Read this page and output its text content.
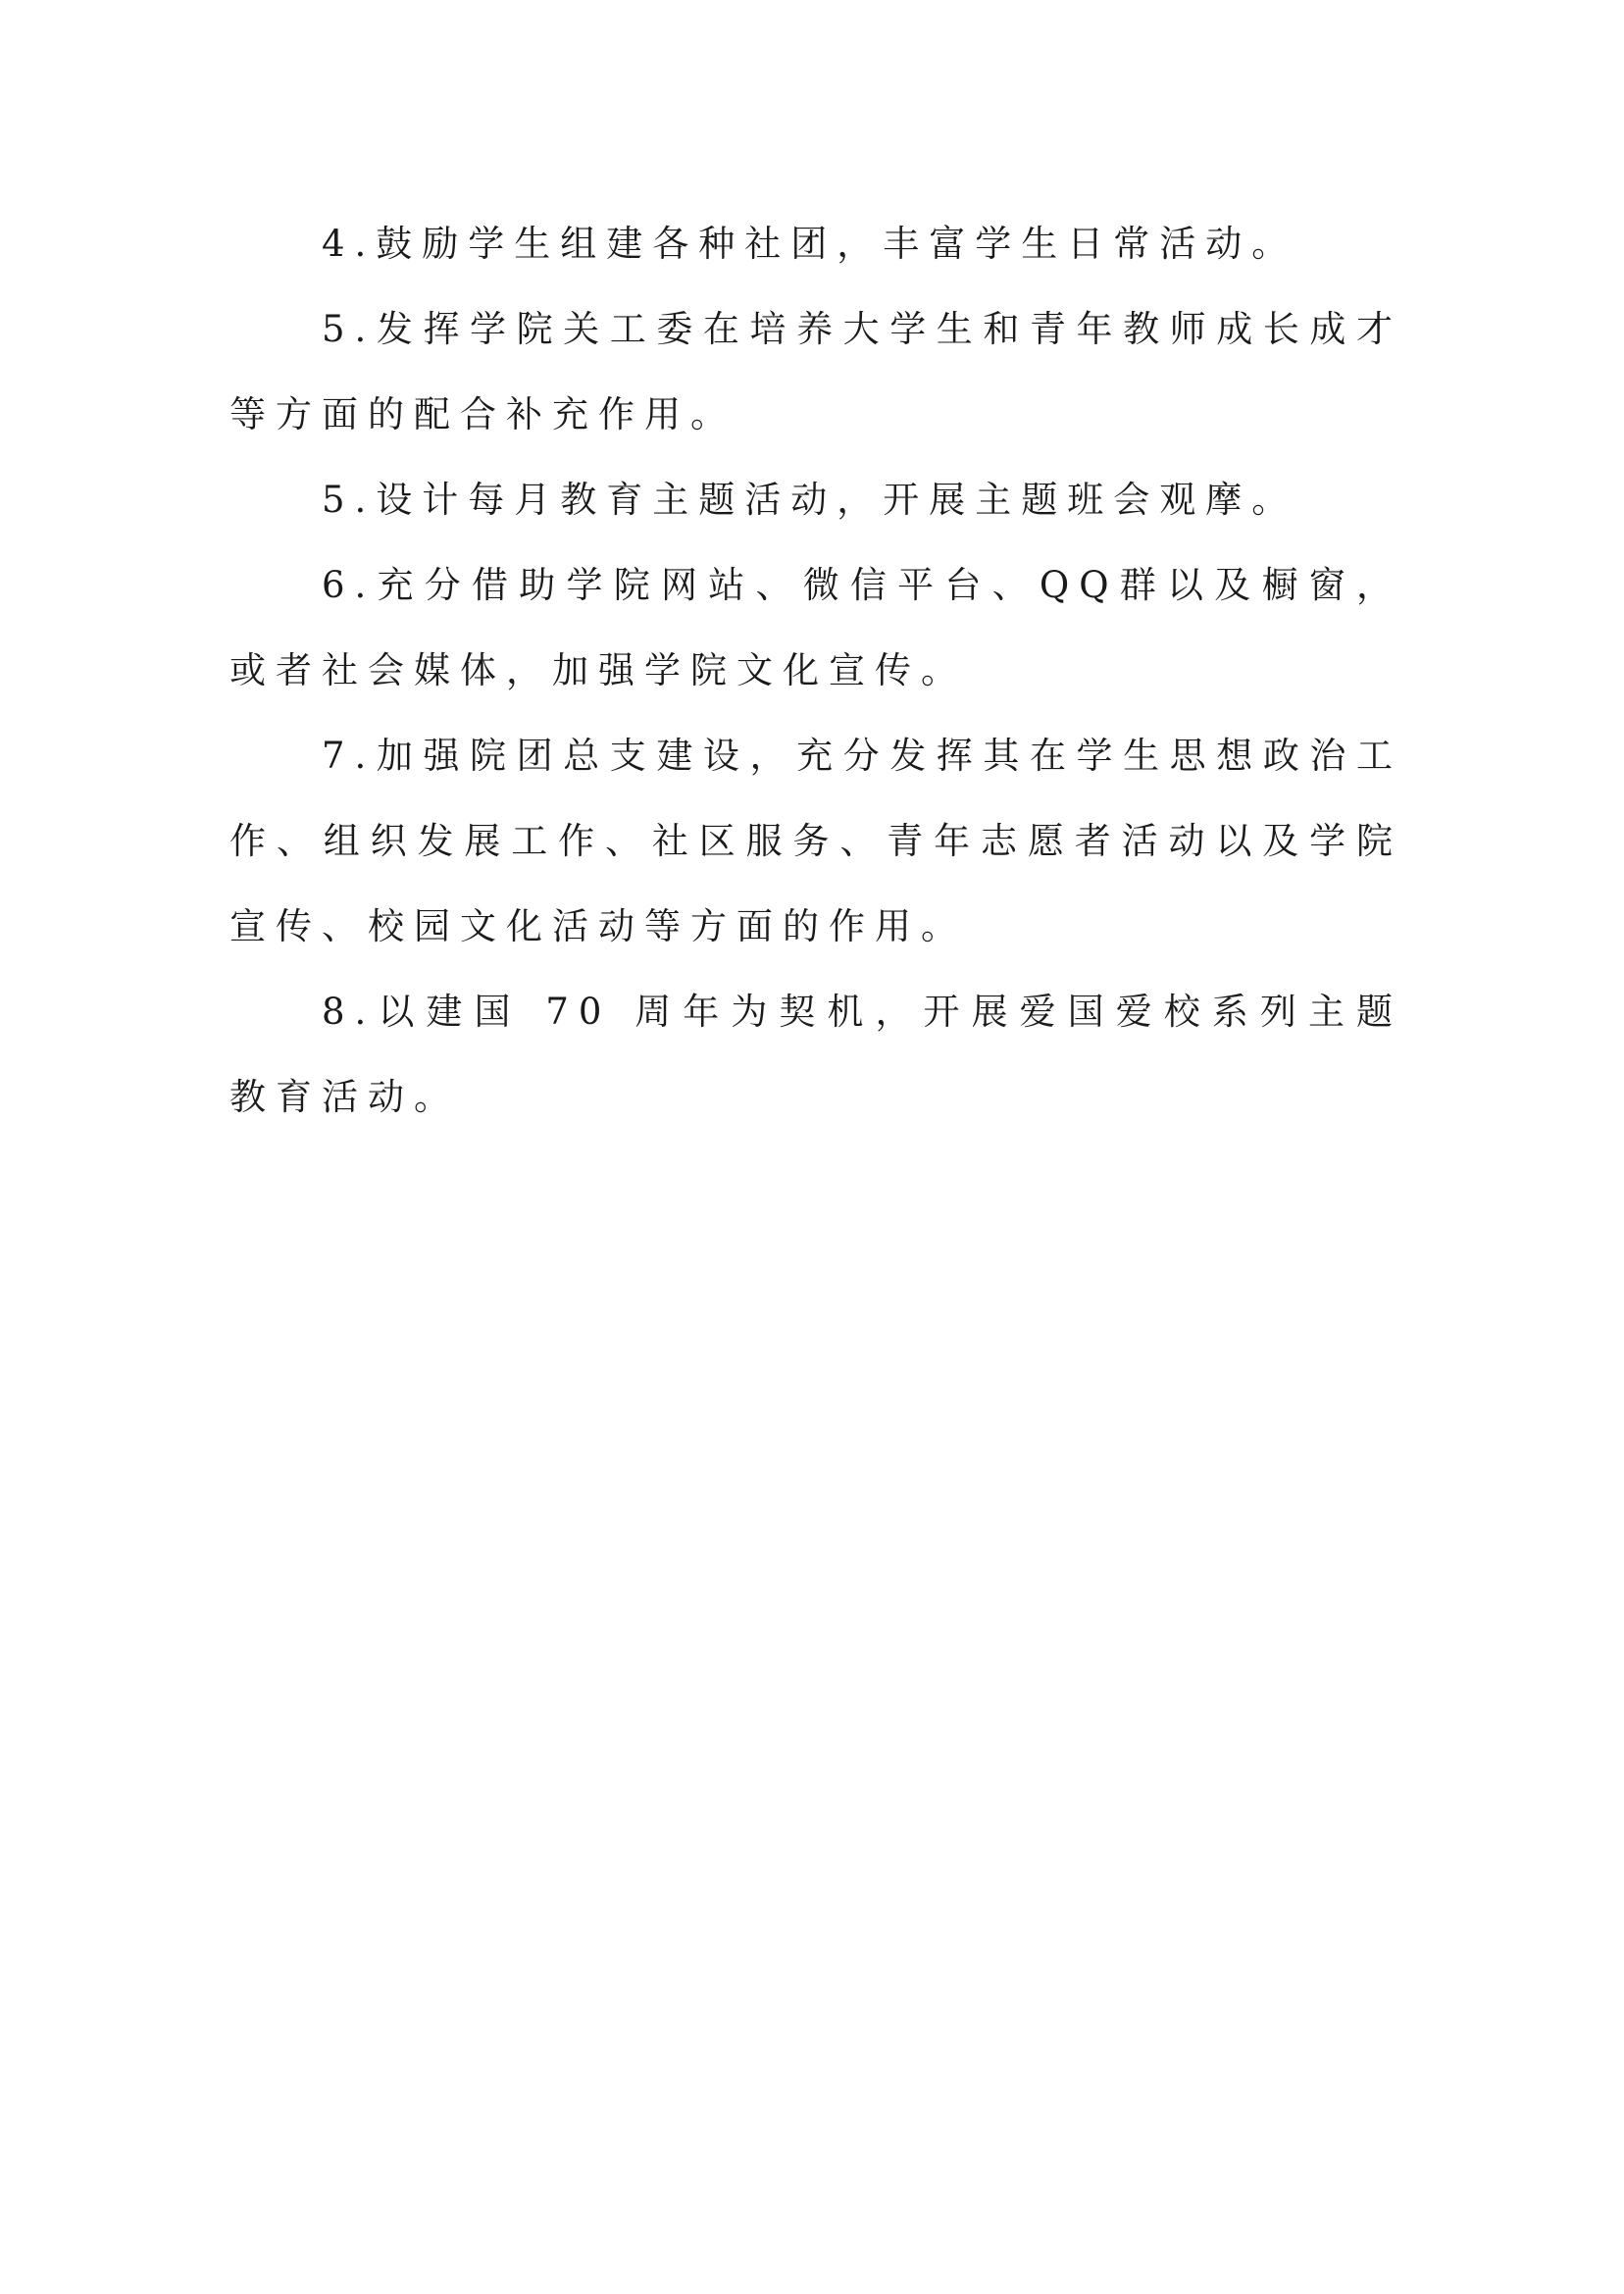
4.鼓励学生组建各种社团，丰富学生日常活动。

5.发挥学院关工委在培养大学生和青年教师成长成才等方面的配合补充作用。

5.设计每月教育主题活动，开展主题班会观摩。

6.充分借助学院网站、微信平台、QQ群以及橱窗，或者社会媒体，加强学院文化宣传。

7.加强院团总支建设，充分发挥其在学生思想政治工作、组织发展工作、社区服务、青年志愿者活动以及学院宣传、校园文化活动等方面的作用。

8.以建国 70 周年为契机，开展爱国爱校系列主题教育活动。
